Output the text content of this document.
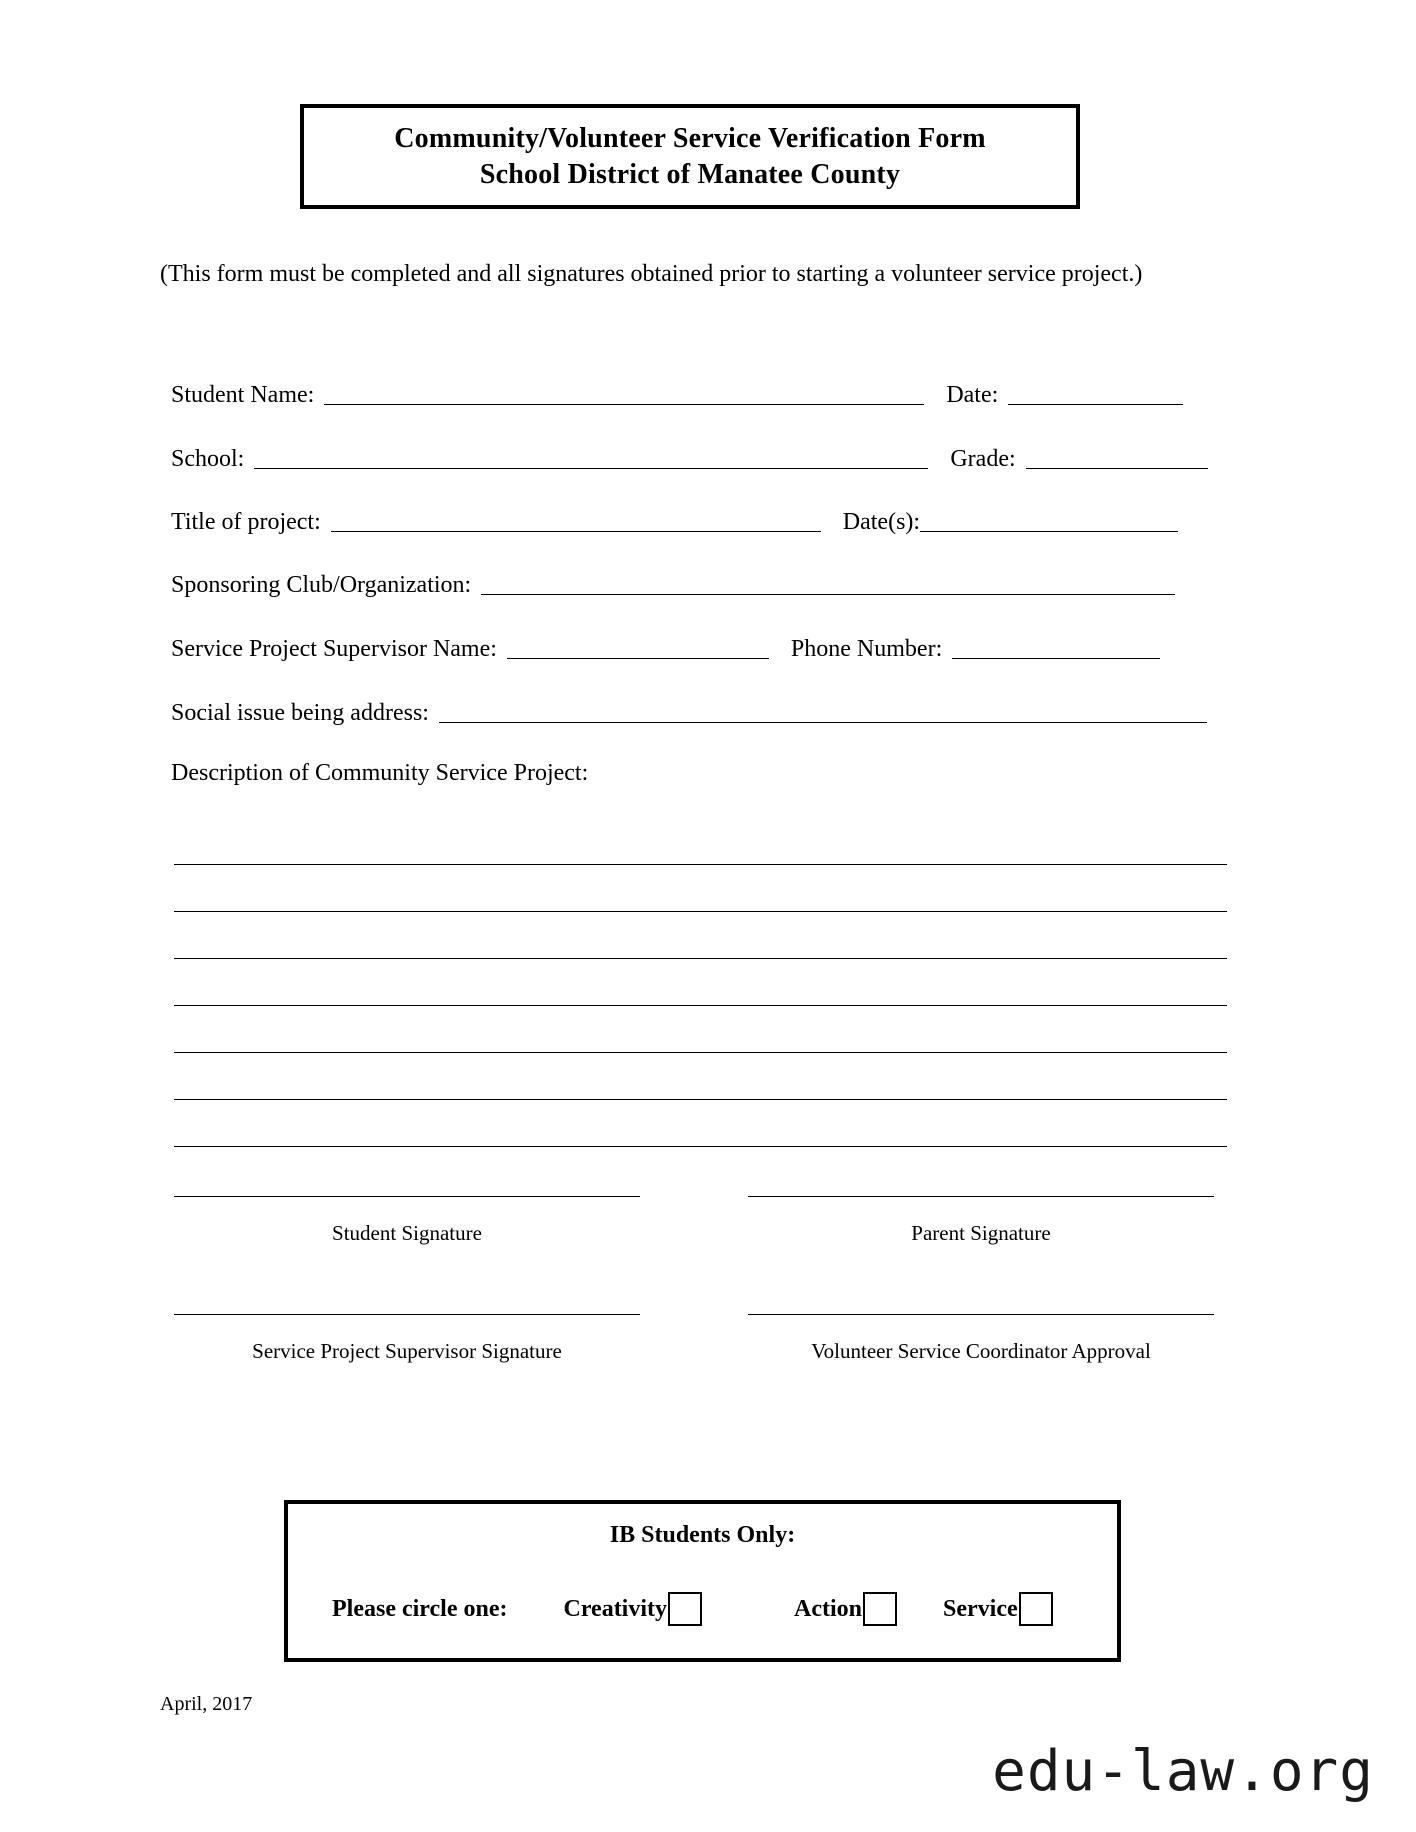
Community/Volunteer Service Verification Form
School District of Manatee County
(This form must be completed and all signatures obtained prior to starting a volunteer service project.)
Student Name:	Date:
School:	Grade:
Title of project:	Date(s):
Sponsoring Club/Organization:
Service Project Supervisor Name:	Phone Number:
Social issue being address:
Description of Community Service Project:
Student Signature	Parent Signature
Service Project Supervisor Signature	Volunteer Service Coordinator Approval
IB Students Only:
Please circle one: Creativity	Action	Service
April, 2017
edu-law.org
